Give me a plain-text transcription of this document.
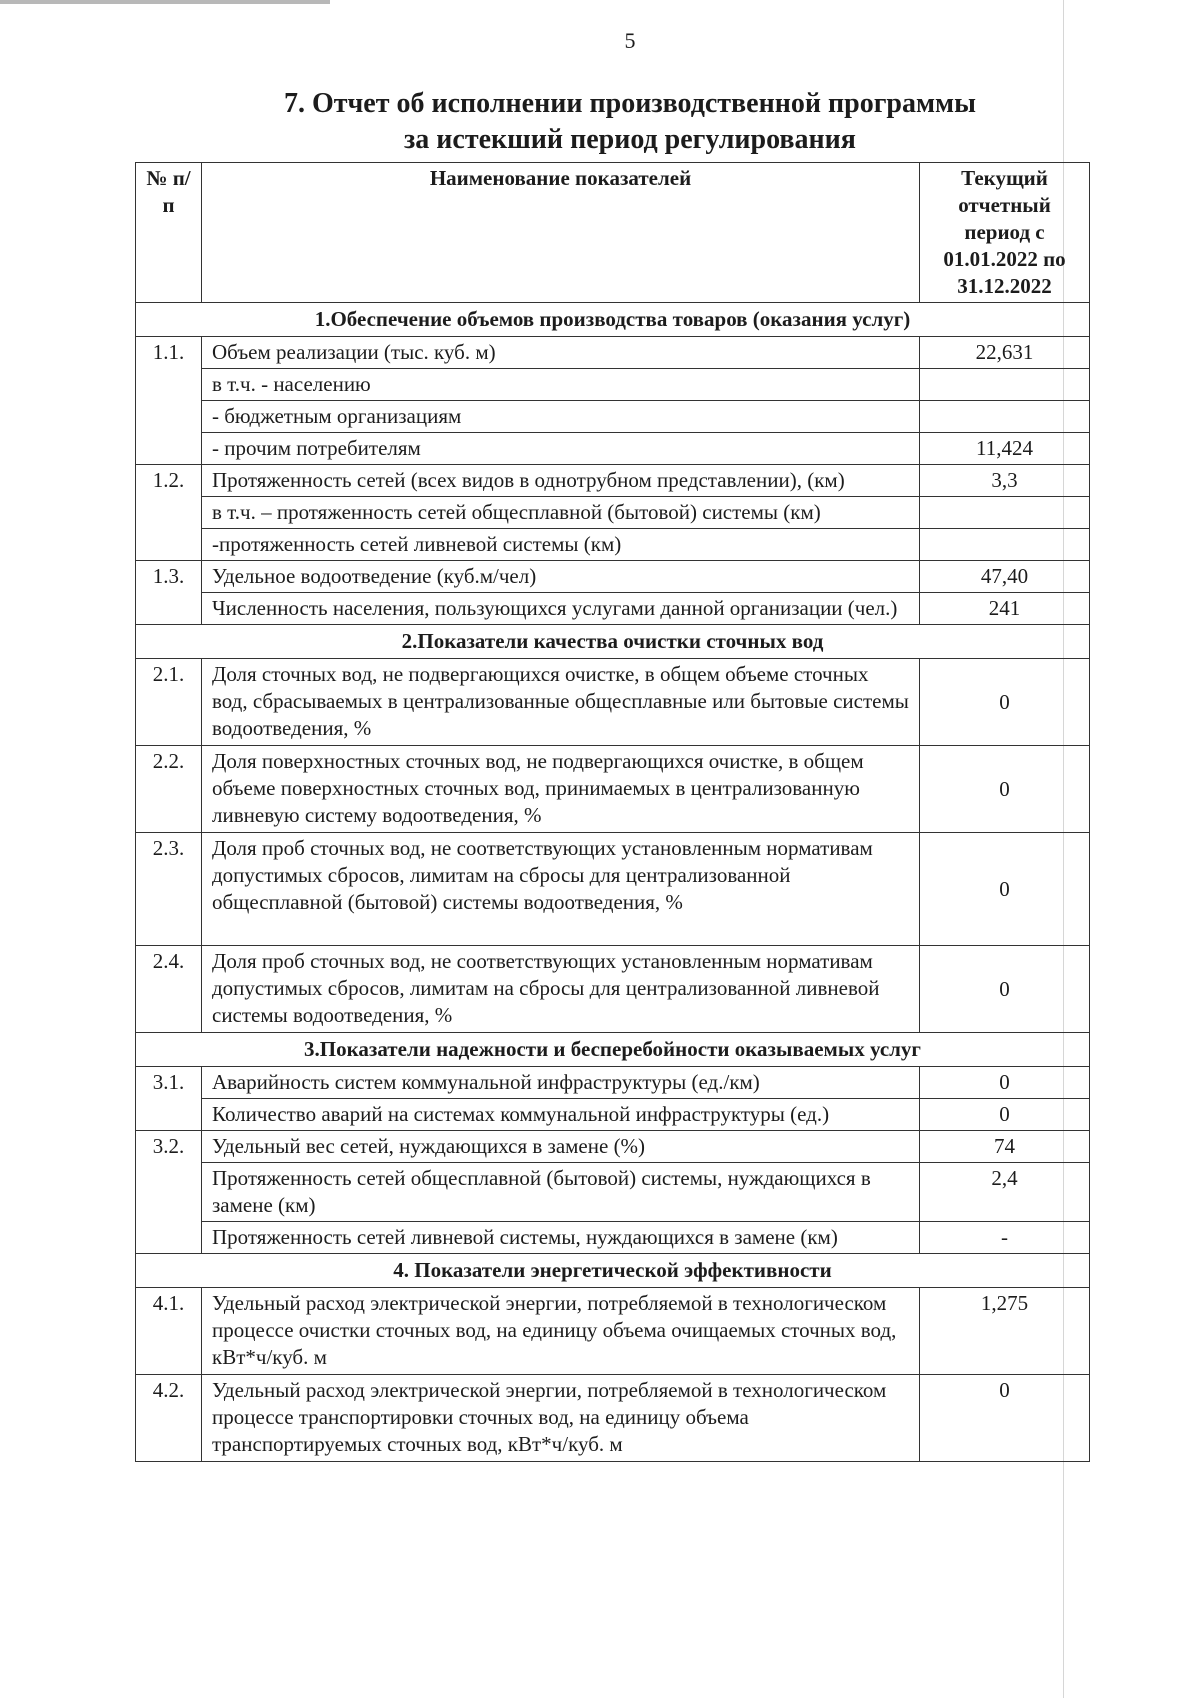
5
7. Отчет об исполнении производственной программы
за истекший период регулирования
№ п/п	Наименование показателей	Текущий отчетный период с 01.01.2022 по 31.12.2022
1.Обеспечение объемов производства товаров (оказания услуг)		
1.1.	Объем реализации (тыс. куб. м)	22,631
	в т.ч. - населению	
	- бюджетным организациям	
	- прочим потребителям	11,424
1.2.	Протяженность сетей (всех видов в однотрубном представлении), (км)	3,3
	в т.ч. – протяженность сетей общесплавной (бытовой) системы (км)	
	-протяженность сетей ливневой системы (км)	
1.3.	Удельное водоотведение (куб.м/чел)	47,40
	Численность населения, пользующихся услугами данной организации (чел.)	241
2.Показатели качества очистки сточных вод		
2.1.	Доля сточных вод, не подвергающихся очистке, в общем объеме сточных вод, сбрасываемых в централизованные общесплавные или бытовые системы водоотведения, %	0
2.2.	Доля поверхностных сточных вод, не подвергающихся очистке, в общем объеме поверхностных сточных вод, принимаемых в централизованную ливневую систему водоотведения, %	0
2.3.	Доля проб сточных вод, не соответствующих установленным нормативам допустимых сбросов, лимитам на сбросы для централизованной общесплавной (бытовой) системы водоотведения, %	0
2.4.	Доля проб сточных вод, не соответствующих установленным нормативам допустимых сбросов, лимитам на сбросы для централизованной ливневой системы водоотведения, %	0
3.Показатели надежности и бесперебойности оказываемых услуг		
3.1.	Аварийность систем коммунальной инфраструктуры (ед./км)	0
	Количество аварий на системах коммунальной инфраструктуры (ед.)	0
3.2.	Удельный вес сетей, нуждающихся в замене (%)	74
	Протяженность сетей общесплавной (бытовой) системы, нуждающихся в замене (км)	2,4
	Протяженность сетей ливневой системы, нуждающихся в замене (км)	-
4. Показатели энергетической эффективности		
4.1.	Удельный расход электрической энергии, потребляемой в технологическом процессе очистки сточных вод, на единицу объема очищаемых сточных вод, кВт*ч/куб. м	1,275
4.2.	Удельный расход электрической энергии, потребляемой в технологическом процессе транспортировки сточных вод, на единицу объема транспортируемых сточных вод, кВт*ч/куб. м	0
